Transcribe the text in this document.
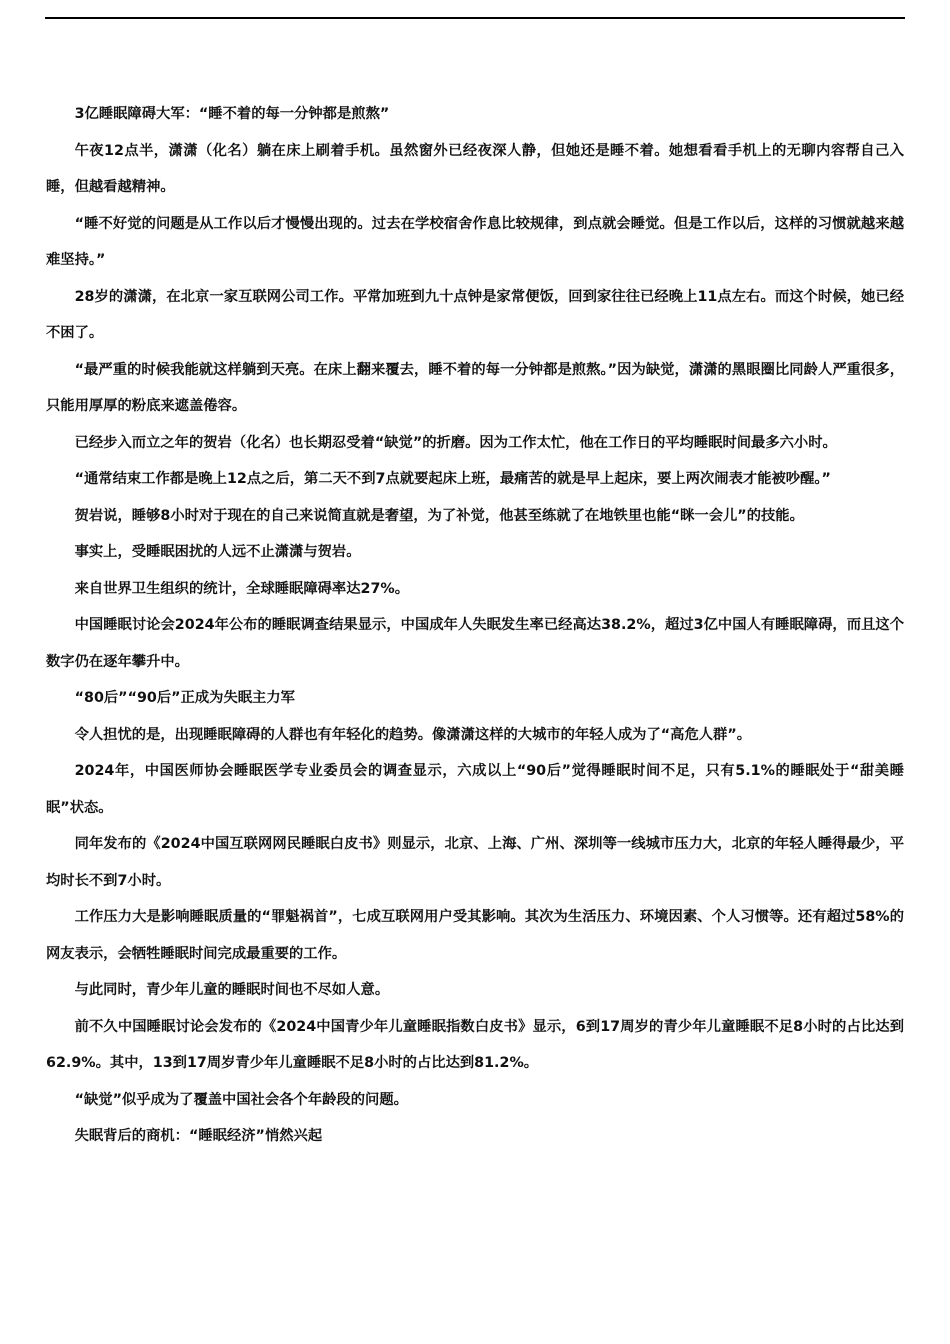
3亿睡眠障碍大军：“睡不着的每一分钟都是煎熬”

午夜12点半，潇潇（化名）躺在床上刷着手机。虽然窗外已经夜深人静，但她还是睡不着。她想看看手机上的无聊内容帮自己入睡，但越看越精神。

“睡不好觉的问题是从工作以后才慢慢出现的。过去在学校宿舍作息比较规律，到点就会睡觉。但是工作以后，这样的习惯就越来越难坚持。”

28岁的潇潇，在北京一家互联网公司工作。平常加班到九十点钟是家常便饭，回到家往往已经晚上11点左右。而这个时候，她已经不困了。

“最严重的时候我能就这样躺到天亮。在床上翻来覆去，睡不着的每一分钟都是煎熬。”因为缺觉，潇潇的黑眼圈比同龄人严重很多，只能用厚厚的粉底来遮盖倦容。

已经步入而立之年的贺岩（化名）也长期忍受着“缺觉”的折磨。因为工作太忙，他在工作日的平均睡眠时间最多六小时。

“通常结束工作都是晚上12点之后，第二天不到7点就要起床上班，最痛苦的就是早上起床，要上两次闹表才能被吵醒。”

贺岩说，睡够8小时对于现在的自己来说简直就是奢望，为了补觉，他甚至练就了在地铁里也能“眯一会儿”的技能。

事实上，受睡眠困扰的人远不止潇潇与贺岩。

来自世界卫生组织的统计，全球睡眠障碍率达27%。

中国睡眠讨论会2024年公布的睡眠调查结果显示，中国成年人失眠发生率已经高达38.2%，超过3亿中国人有睡眠障碍，而且这个数字仍在逐年攀升中。

“80后”“90后”正成为失眠主力军

令人担忧的是，出现睡眠障碍的人群也有年轻化的趋势。像潇潇这样的大城市的年轻人成为了“高危人群”。

2024年，中国医师协会睡眠医学专业委员会的调查显示，六成以上“90后”觉得睡眠时间不足，只有5.1%的睡眠处于“甜美睡眠”状态。

同年发布的《2024中国互联网网民睡眠白皮书》则显示，北京、上海、广州、深圳等一线城市压力大，北京的年轻人睡得最少，平均时长不到7小时。

工作压力大是影响睡眠质量的“罪魁祸首”，七成互联网用户受其影响。其次为生活压力、环境因素、个人习惯等。还有超过58%的网友表示，会牺牲睡眠时间完成最重要的工作。

与此同时，青少年儿童的睡眠时间也不尽如人意。

前不久中国睡眠讨论会发布的《2024中国青少年儿童睡眠指数白皮书》显示，6到17周岁的青少年儿童睡眠不足8小时的占比达到62.9%。其中，13到17周岁青少年儿童睡眠不足8小时的占比达到81.2%。

“缺觉”似乎成为了覆盖中国社会各个年龄段的问题。

失眠背后的商机：“睡眠经济”悄然兴起
